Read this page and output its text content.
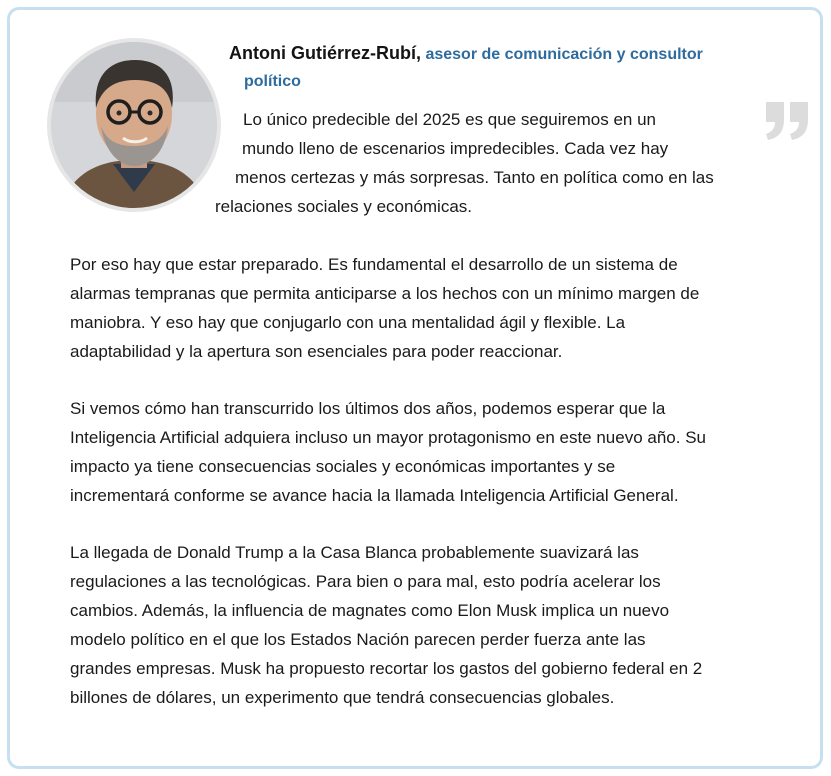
Antoni Gutiérrez-Rubí, asesor de comunicación y consultor
político
Lo único predecible del 2025 es que seguiremos en un
mundo lleno de escenarios impredecibles. Cada vez hay
menos certezas y más sorpresas. Tanto en política como en las
relaciones sociales y económicas.
Por eso hay que estar preparado. Es fundamental el desarrollo de un sistema de
alarmas tempranas que permita anticiparse a los hechos con un mínimo margen de
maniobra. Y eso hay que conjugarlo con una mentalidad ágil y flexible. La
adaptabilidad y la apertura son esenciales para poder reaccionar.
Si vemos cómo han transcurrido los últimos dos años, podemos esperar que la
Inteligencia Artificial adquiera incluso un mayor protagonismo en este nuevo año. Su
impacto ya tiene consecuencias sociales y económicas importantes y se
incrementará conforme se avance hacia la llamada Inteligencia Artificial General.
La llegada de Donald Trump a la Casa Blanca probablemente suavizará las
regulaciones a las tecnológicas. Para bien o para mal, esto podría acelerar los
cambios. Además, la influencia de magnates como Elon Musk implica un nuevo
modelo político en el que los Estados Nación parecen perder fuerza ante las
grandes empresas. Musk ha propuesto recortar los gastos del gobierno federal en 2
billones de dólares, un experimento que tendrá consecuencias globales.
